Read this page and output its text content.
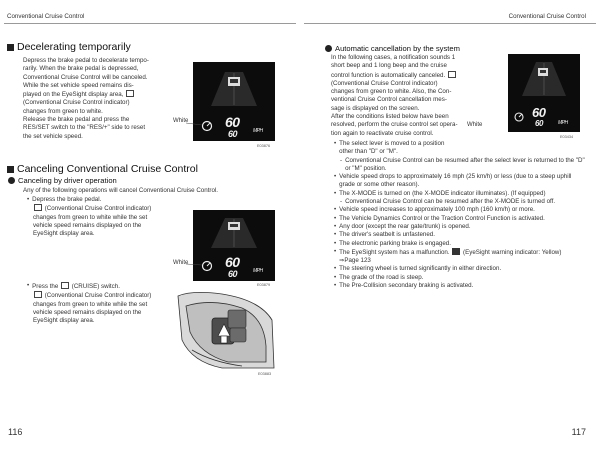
Conventional Cruise Control	Conventional Cruise Control
Decelerating temporarily

Depress the brake pedal to decelerate tempo-

rarily. When the brake pedal is depressed,

Conventional Cruise Control will be canceled.

While the set vehicle speed remains dis-

played on the EyeSight display area,

(Conventional Cruise Control indicator)

changes from green to white.

Release the brake pedal and press the

RES/SET switch to the "RES/+" side to reset

the set vehicle speed.

White	60
60	MPH
E03876
Canceling Conventional Cruise Control
Canceling by driver operation
Any of the following operations will cancel Conventional Cruise Control.
• Depress the brake pedal.

(Conventional Cruise Control indicator)

changes from green to white while the set

vehicle speed remains displayed on the

EyeSight display area.

White	60
60	MPH
E03879
• Press the (CRUISE) switch.

(Conventional Cruise Control indicator)

changes from green to white while the set

vehicle speed remains displayed on the

EyeSight display area.

E03883
116
Automatic cancellation by the system

In the following cases, a notification sounds 1

short beep and 1 long beep and the cruise

control function is automatically canceled.

(Conventional Cruise Control indicator)

changes from green to white. Also, the Con-

ventional Cruise Control cancellation mes-

sage is displayed on the screen.

After the conditions listed below have been

resolved, perform the cruise control set opera-

tion again to reactivate cruise control.

White
60
60	MPH
E03434
• The select lever is moved to a position
other than "D" or "M".
- Conventional Cruise Control can be resumed after the select lever is returned to the "D"
or "M" position.
• Vehicle speed drops to approximately 16 mph (25 km/h) or less (due to a steep uphill
grade or some other reason).
• The X-MODE is turned on (the X-MODE indicator illuminates). (If equipped)
- Conventional Cruise Control can be resumed after the X-MODE is turned off.
• Vehicle speed increases to approximately 100 mph (160 km/h) or more.
• The Vehicle Dynamics Control or the Traction Control Function is activated.
• Any door (except the rear gate/trunk) is opened.
• The driver's seatbelt is unfastened.
• The electronic parking brake is engaged.
• The EyeSight system has a malfunction. (EyeSight warning indicator: Yellow)
⇒Page 123
• The steering wheel is turned significantly in either direction.
• The grade of the road is steep.
• The Pre-Collision secondary braking is activated.
117
